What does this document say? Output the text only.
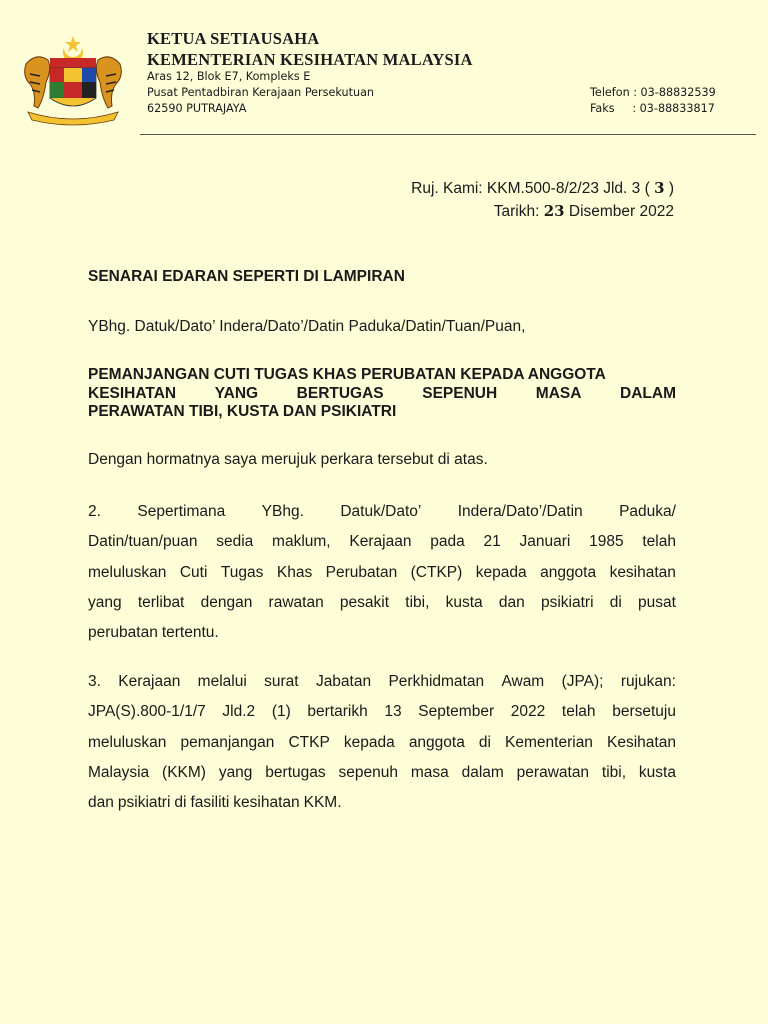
KETUA SETIAUSAHA
KEMENTERIAN KESIHATAN MALAYSIA
Aras 12, Blok E7, Kompleks E
Pusat Pentadbiran Kerajaan Persekutuan
62590 PUTRAJAYA
Telefon : 03-88832539
Faks     : 03-88833817
Ruj. Kami: KKM.500-8/2/23 Jld. 3 ( 3 )
Tarikh: 23 Disember 2022

SENARAI EDARAN SEPERTI DI LAMPIRAN

YBhg. Datuk/Dato’ Indera/Dato’/Datin Paduka/Datin/Tuan/Puan,

PEMANJANGAN CUTI TUGAS KHAS PERUBATAN KEPADA ANGGOTA
KESIHATAN YANG BERTUGAS SEPENUH MASA DALAM
PERAWATAN TIBI, KUSTA DAN PSIKIATRI

Dengan hormatnya saya merujuk perkara tersebut di atas.

2. Sepertimana YBhg. Datuk/Dato’ Indera/Dato’/Datin Paduka/
Datin/tuan/puan sedia maklum, Kerajaan pada 21 Januari 1985 telah
meluluskan Cuti Tugas Khas Perubatan (CTKP) kepada anggota kesihatan
yang terlibat dengan rawatan pesakit tibi, kusta dan psikiatri di pusat
perubatan tertentu.
3. Kerajaan melalui surat Jabatan Perkhidmatan Awam (JPA); rujukan:
JPA(S).800-1/1/7 Jld.2 (1) bertarikh 13 September 2022 telah bersetuju
meluluskan pemanjangan CTKP kepada anggota di Kementerian Kesihatan
Malaysia (KKM) yang bertugas sepenuh masa dalam perawatan tibi, kusta
dan psikiatri di fasiliti kesihatan KKM.
